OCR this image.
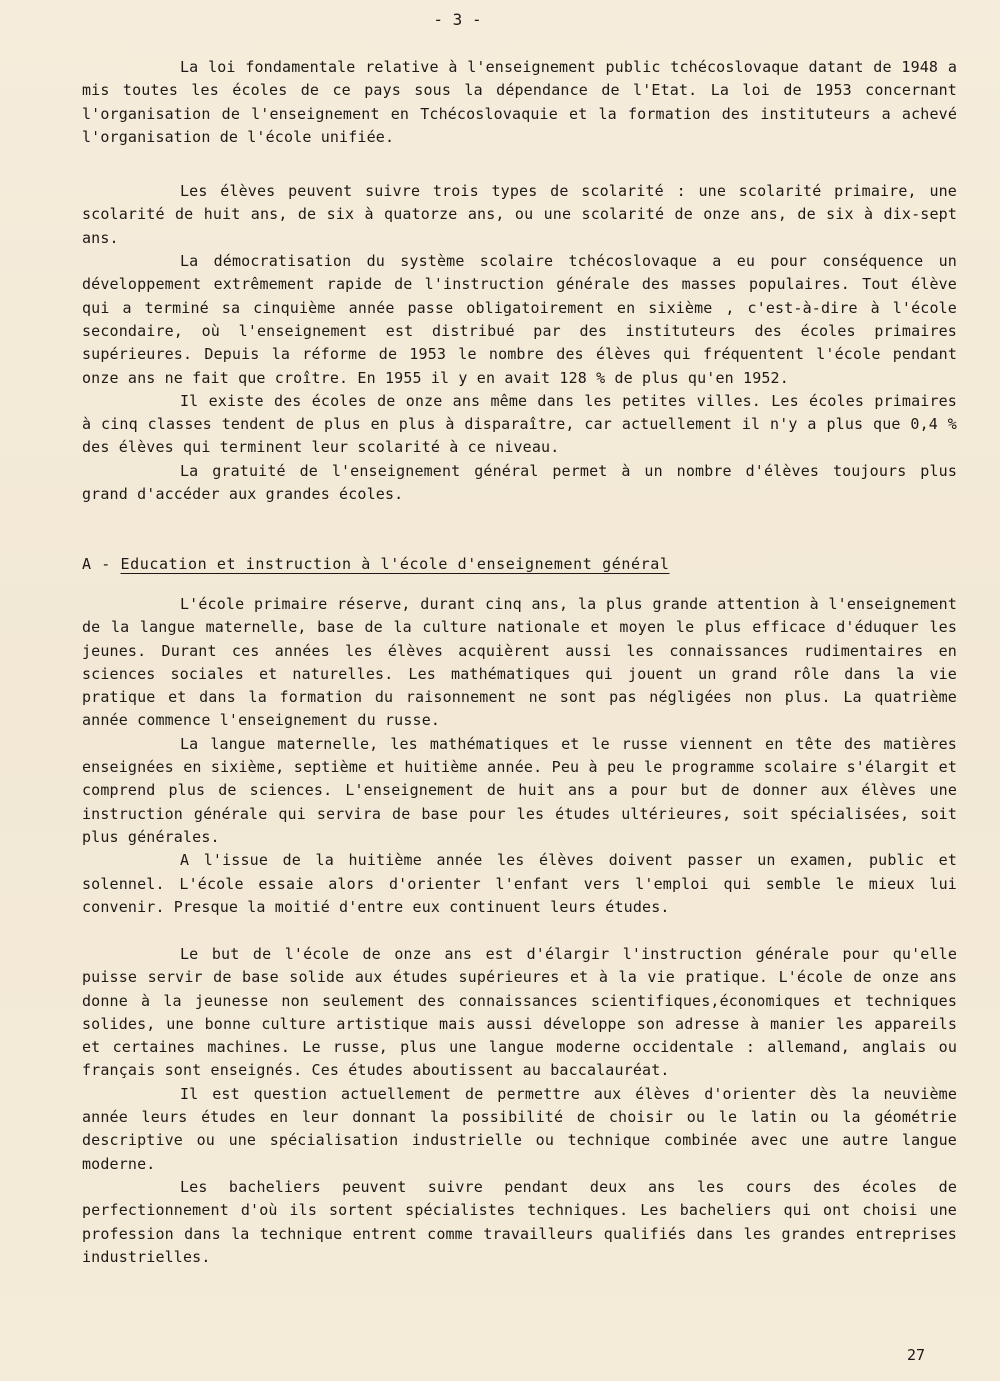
- 3 -

La loi fondamentale relative à l'enseignement public tchécoslovaque datant de 1948 a mis toutes les écoles de ce pays sous la dépendance de l'Etat. La loi de 1953 concernant l'organisation de l'enseignement en Tchécoslovaquie et la formation des instituteurs a achevé l'organisation de l'école unifiée.

Les élèves peuvent suivre trois types de scolarité : une scolarité primaire, une scolarité de huit ans, de six à quatorze ans, ou une scolarité de onze ans, de six à dix-sept ans.

La démocratisation du système scolaire tchécoslovaque a eu pour conséquence un développement extrêmement rapide de l'instruction générale des masses populaires. Tout élève qui a terminé sa cinquième année passe obligatoirement en sixième , c'est-à-dire à l'école secondaire, où l'enseignement est distribué par des instituteurs des écoles primaires supérieures. Depuis la réforme de 1953 le nombre des élèves qui fréquentent l'école pendant onze ans ne fait que croître. En 1955 il y en avait 128 % de plus qu'en 1952.

Il existe des écoles de onze ans même dans les petites villes. Les écoles primaires à cinq classes tendent de plus en plus à disparaître, car actuellement il n'y a plus que 0,4 % des élèves qui terminent leur scolarité à ce niveau.

La gratuité de l'enseignement général permet à un nombre d'élèves toujours plus grand d'accéder aux grandes écoles.

A - Education et instruction à l'école d'enseignement général

L'école primaire réserve, durant cinq ans, la plus grande attention à l'enseignement de la langue maternelle, base de la culture nationale et moyen le plus efficace d'éduquer les jeunes. Durant ces années les élèves acquièrent aussi les connaissances rudimentaires en sciences sociales et naturelles. Les mathématiques qui jouent un grand rôle dans la vie pratique et dans la formation du raisonnement ne sont pas négligées non plus. La quatrième année commence l'enseignement du russe.

La langue maternelle, les mathématiques et le russe viennent en tête des matières enseignées en sixième, septième et huitième année. Peu à peu le programme scolaire s'élargit et comprend plus de sciences. L'enseignement de huit ans a pour but de donner aux élèves une instruction générale qui servira de base pour les études ultérieures, soit spécialisées, soit plus générales.

A l'issue de la huitième année les élèves doivent passer un examen, public et solennel. L'école essaie alors d'orienter l'enfant vers l'emploi qui semble le mieux lui convenir. Presque la moitié d'entre eux continuent leurs études.

Le but de l'école de onze ans est d'élargir l'instruction générale pour qu'elle puisse servir de base solide aux études supérieures et à la vie pratique. L'école de onze ans donne à la jeunesse non seulement des connaissances scientifiques,économiques et techniques solides, une bonne culture artistique mais aussi développe son adresse à manier les appareils et certaines machines. Le russe, plus une langue moderne occidentale : allemand, anglais ou français sont enseignés. Ces études aboutissent au baccalauréat.

Il est question actuellement de permettre aux élèves d'orienter dès la neuvième année leurs études en leur donnant la possibilité de choisir ou le latin ou la géométrie descriptive ou une spécialisation industrielle ou technique combinée avec une autre langue moderne.

Les bacheliers peuvent suivre pendant deux ans les cours des écoles de perfectionnement d'où ils sortent spécialistes techniques. Les bacheliers qui ont choisi une profession dans la technique entrent comme travailleurs qualifiés dans les grandes entreprises industrielles.

27
